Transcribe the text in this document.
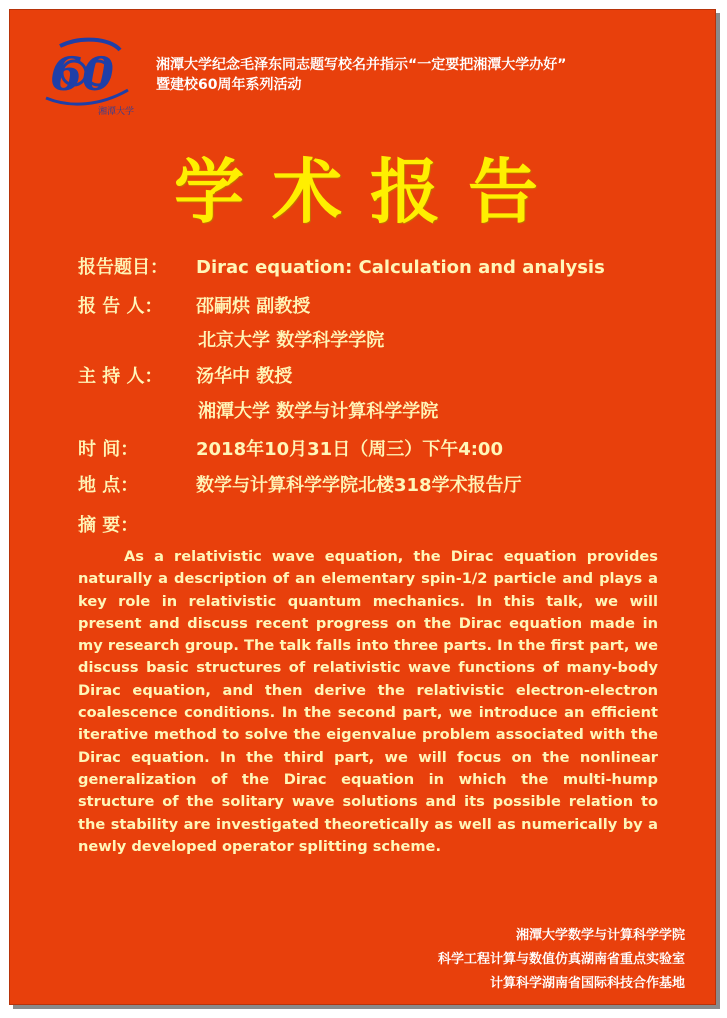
60
湘潭大学
湘潭大学纪念毛泽东同志题写校名并指示“一定要把湘潭大学办好”
暨建校60周年系列活动
学术报告
报告题目： Dirac equation: Calculation and analysis
报 告 人： 邵嗣烘 副教授
北京大学 数学科学学院
主 持 人： 汤华中 教授
湘潭大学 数学与计算科学学院
时 间：	2018年10月31日（周三）下午4:00
地 点：	数学与计算科学学院北楼318学术报告厅
摘 要：
As a relativistic wave equation, the Dirac equation provides naturally a description of an elementary spin-1/2 particle and plays a key role in relativistic quantum mechanics. In this talk, we will present and discuss recent progress on the Dirac equation made in my research group. The talk falls into three parts. In the first part, we discuss basic structures of relativistic wave functions of many-body Dirac equation, and then derive the relativistic electron-electron coalescence conditions. In the second part, we introduce an efficient iterative method to solve the eigenvalue problem associated with the Dirac equation. In the third part, we will focus on the nonlinear generalization of the Dirac equation in which the multi-hump structure of the solitary wave solutions and its possible relation to the stability are investigated theoretically as well as numerically by a newly developed operator splitting scheme.
湘潭大学数学与计算科学学院
科学工程计算与数值仿真湖南省重点实验室
计算科学湖南省国际科技合作基地
